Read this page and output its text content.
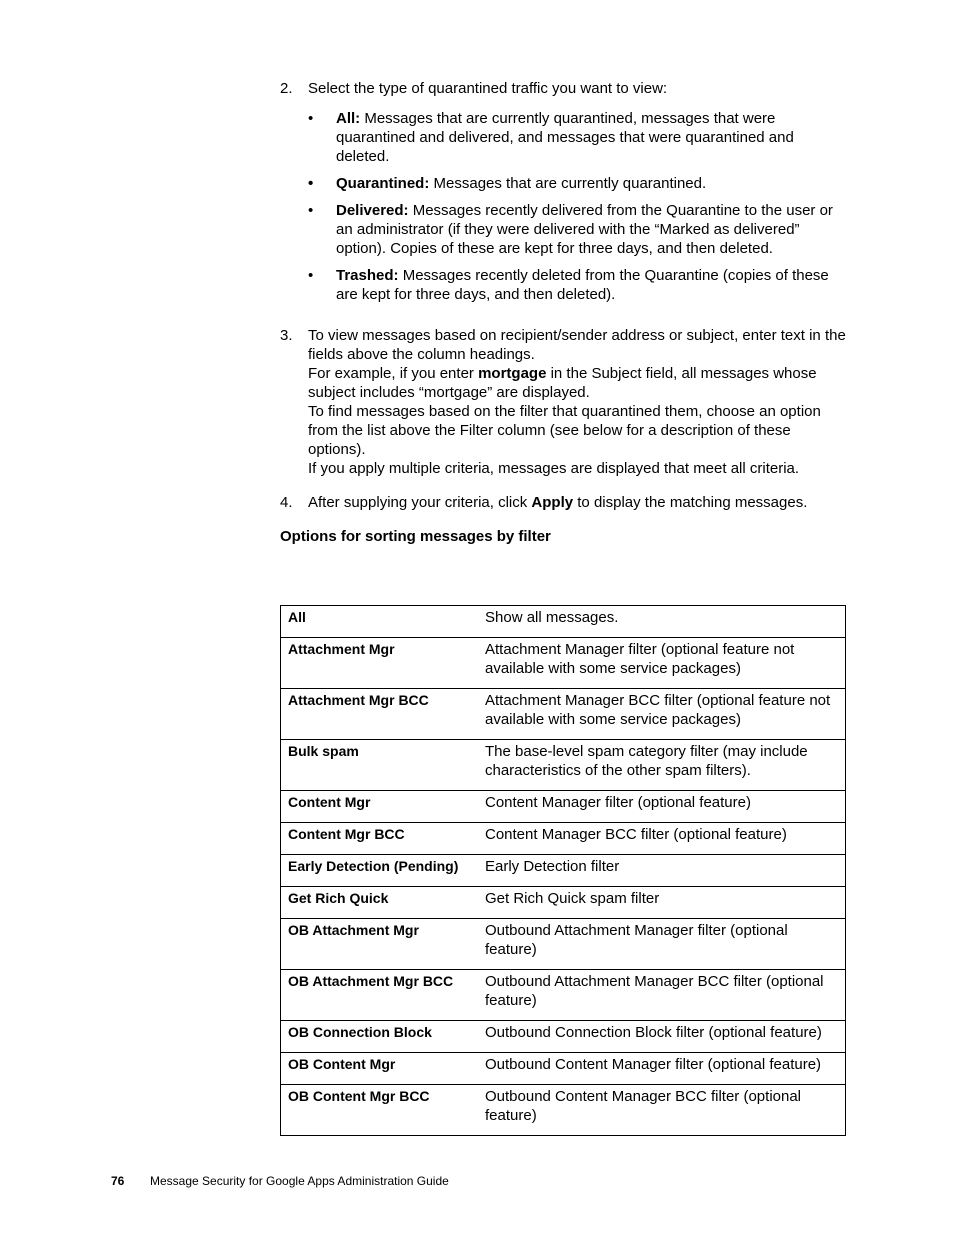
2. Select the type of quarantined traffic you want to view:

• All: Messages that are currently quarantined, messages that were quarantined and delivered, and messages that were quarantined and deleted.
• Quarantined: Messages that are currently quarantined.
• Delivered: Messages recently delivered from the Quarantine to the user or an administrator (if they were delivered with the “Marked as delivered” option). Copies of these are kept for three days, and then deleted.
• Trashed: Messages recently deleted from the Quarantine (copies of these are kept for three days, and then deleted).
3. To view messages based on recipient/sender address or subject, enter text in the fields above the column headings.

For example, if you enter mortgage in the Subject field, all messages whose subject includes “mortgage” are displayed.

To find messages based on the filter that quarantined them, choose an option from the list above the Filter column (see below for a description of these options).

If you apply multiple criteria, messages are displayed that meet all criteria.

4. After supplying your criteria, click Apply to display the matching messages.

Options for sorting messages by filter

All	Show all messages.
Attachment Mgr	Attachment Manager filter (optional feature not available with some service packages)
Attachment Mgr BCC	Attachment Manager BCC filter (optional feature not available with some service packages)
Bulk spam	The base-level spam category filter (may include characteristics of the other spam filters).
Content Mgr	Content Manager filter (optional feature)
Content Mgr BCC	Content Manager BCC filter (optional feature)
Early Detection (Pending)	Early Detection filter
Get Rich Quick	Get Rich Quick spam filter
OB Attachment Mgr	Outbound Attachment Manager filter (optional feature)
OB Attachment Mgr BCC	Outbound Attachment Manager BCC filter (optional feature)
OB Connection Block	Outbound Connection Block filter (optional feature)
OB Content Mgr	Outbound Content Manager filter (optional feature)
OB Content Mgr BCC	Outbound Content Manager BCC filter (optional feature)
76 Message Security for Google Apps Administration Guide
